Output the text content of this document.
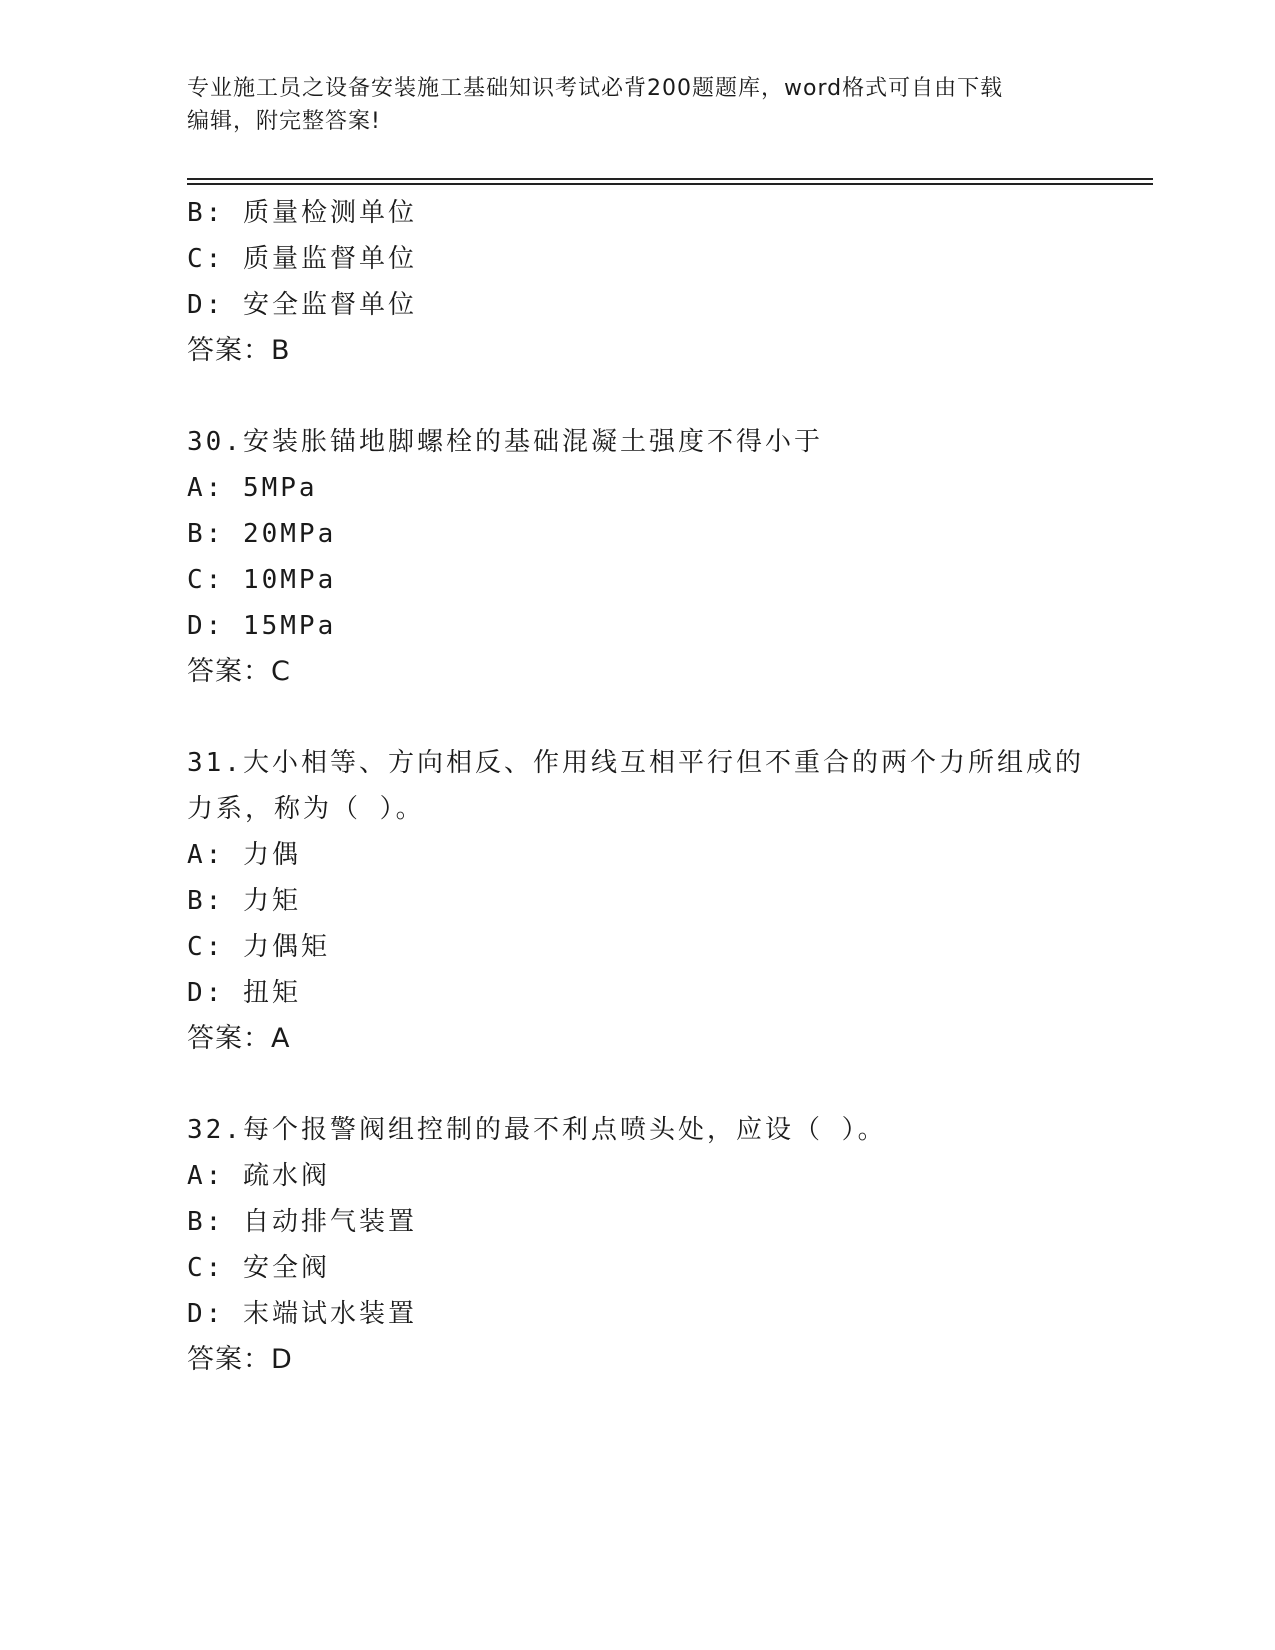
专业施工员之设备安装施工基础知识考试必背200题题库，word格式可自由下载
编辑，附完整答案!
B: 质量检测单位
C: 质量监督单位
D: 安全监督单位
答案：B
30.安装胀锚地脚螺栓的基础混凝土强度不得小于
A: 5MPa
B: 20MPa
C: 10MPa
D: 15MPa
答案：C
31.大小相等、方向相反、作用线互相平行但不重合的两个力所组成的
力系，称为（ ）。
A: 力偶
B: 力矩
C: 力偶矩
D: 扭矩
答案：A
32.每个报警阀组控制的最不利点喷头处，应设（ ）。
A: 疏水阀
B: 自动排气装置
C: 安全阀
D: 末端试水装置
答案：D
